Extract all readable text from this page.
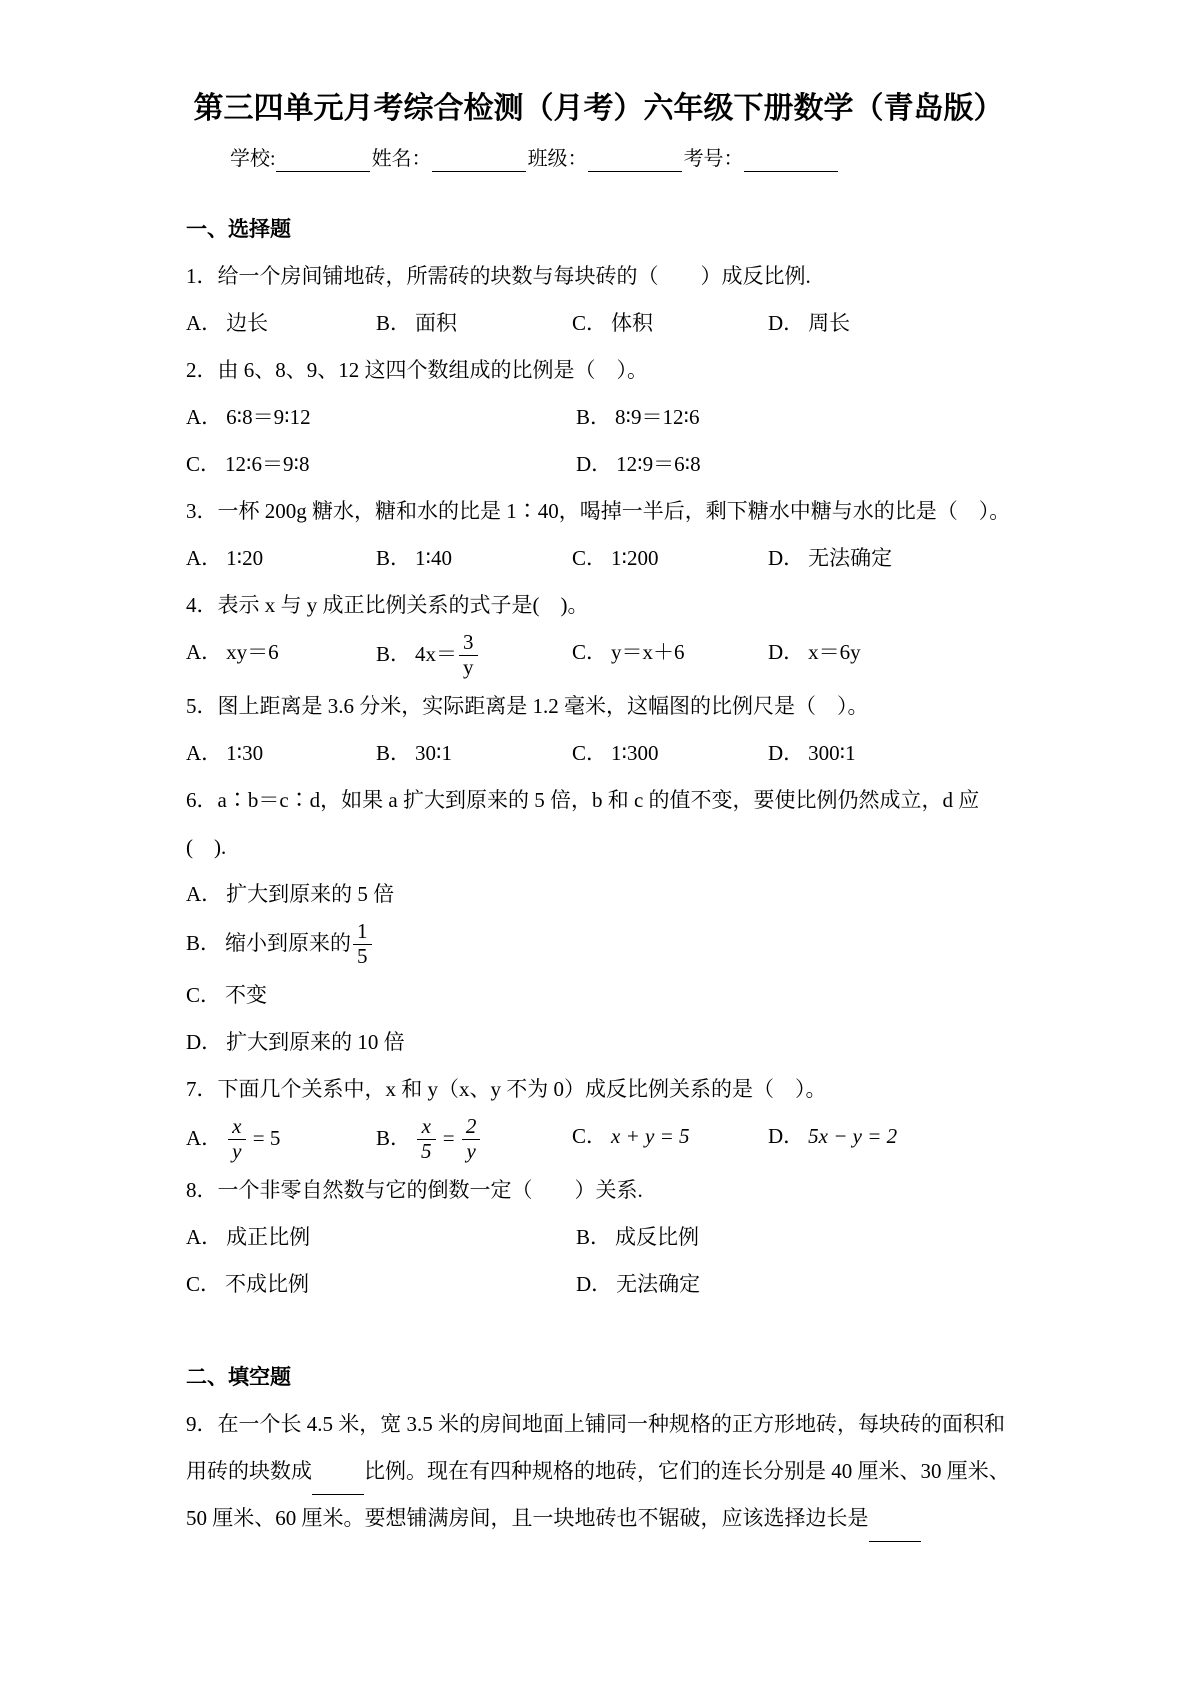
第三四单元月考综合检测（月考）六年级下册数学（青岛版）
学校:	姓名：	班级：	考号：

一、选择题

1．给一个房间铺地砖，所需砖的块数与每块砖的（　　）成反比例.

A． 边长	B． 面积	C． 体积	D． 周长

2．由 6、8、9、12 这四个数组成的比例是（　）。

A． 6∶8＝9∶12	B． 8∶9＝12∶6
C． 12∶6＝9∶8	D． 12∶9＝6∶8

3．一杯 200g 糖水，糖和水的比是 1∶40，喝掉一半后，剩下糖水中糖与水的比是（　）。

A． 1∶20	B． 1∶40	C． 1∶200	D． 无法确定

4．表示 x 与 y 成正比例关系的式子是(　)。

A． xy＝6	B． $4x= \frac{3}{y}$	C． y＝x＋6	D． x＝6y

5．图上距离是 3.6 分米，实际距离是 1.2 毫米，这幅图的比例尺是（　）。

A． 1∶30	B． 30∶1	C． 1∶300	D． 300∶1

6．a∶b＝c∶d，如果 a 扩大到原来的 5 倍，b 和 c 的值不变，要使比例仍然成立，d 应 (　).

A． 扩大到原来的 5 倍
B． 缩小到原来的 $\frac{1}{5}$
C． 不变
D． 扩大到原来的 10 倍

7．下面几个关系中，x 和 y（x、y 不为 0）成反比例关系的是（　）。

A． $\frac{x}{y} = 5$	B． $\frac{x}{5} = \frac{2}{y}$	C． x + y = 5	D． 5x − y = 2

8．一个非零自然数与它的倒数一定（　　）关系.

A． 成正比例	B． 成反比例
C． 不成比例	D． 无法确定

二、填空题

9．在一个长 4.5 米，宽 3.5 米的房间地面上铺同一种规格的正方形地砖，每块砖的面积和用砖的块数成 比例。现在有四种规格的地砖，它们的连长分别是 40 厘米、30 厘米、50 厘米、60 厘米。要想铺满房间，且一块地砖也不锯破，应该选择边长是
